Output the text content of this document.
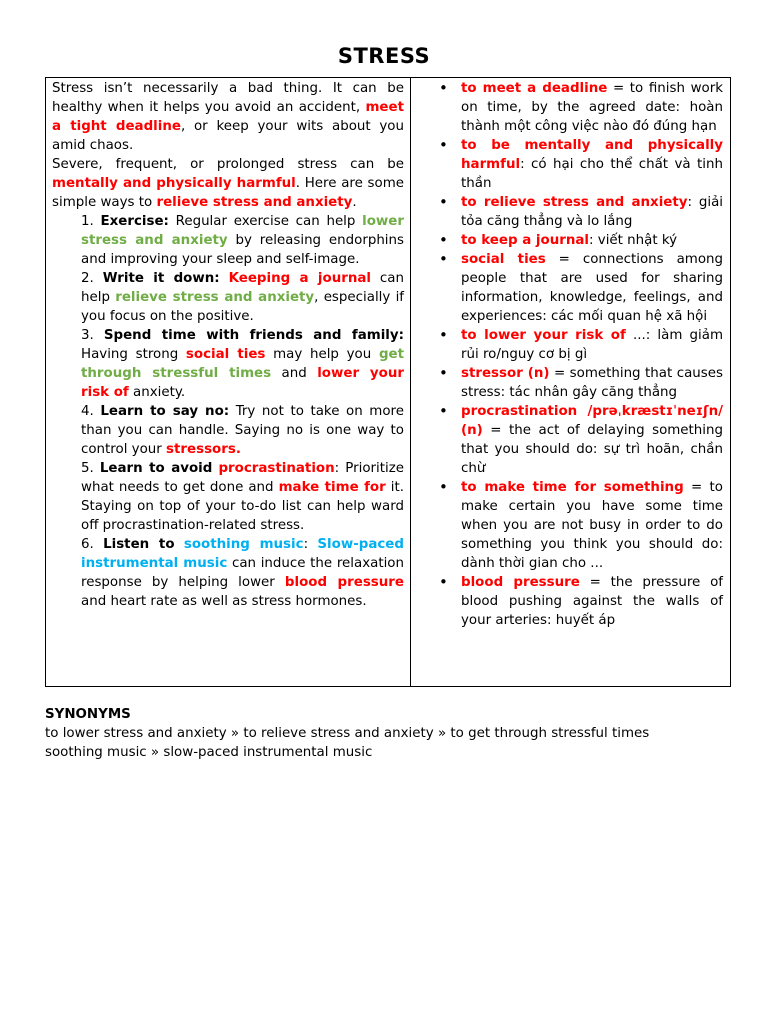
STRESS

Stress isn’t necessarily a bad thing. It can be healthy when it helps you avoid an accident, meet a tight deadline, or keep your wits about you amid chaos.

Severe, frequent, or prolonged stress can be mentally and physically harmful. Here are some simple ways to relieve stress and anxiety.

1. Exercise: Regular exercise can help lower stress and anxiety by releasing endorphins and improving your sleep and self-image.
2. Write it down: Keeping a journal can help relieve stress and anxiety, especially if you focus on the positive.
3. Spend time with friends and family: Having strong social ties may help you get through stressful times and lower your risk of anxiety.
4. Learn to say no: Try not to take on more than you can handle. Saying no is one way to control your stressors.
5. Learn to avoid procrastination: Prioritize what needs to get done and make time for it. Staying on top of your to-do list can help ward off procrastination-related stress.
6. Listen to soothing music: Slow-paced instrumental music can induce the relaxation response by helping lower blood pressure and heart rate as well as stress hormones.
• to meet a deadline = to finish work on time, by the agreed date: hoàn thành một công việc nào đó đúng hạn
• to be mentally and physically harmful: có hại cho thể chất và tinh thần
• to relieve stress and anxiety: giải tỏa căng thẳng và lo lắng
• to keep a journal: viết nhật ký
• social ties = connections among people that are used for sharing information, knowledge, feelings, and experiences: các mối quan hệ xã hội
• to lower your risk of ...: làm giảm rủi ro/nguy cơ bị gì
• stressor (n) = something that causes stress: tác nhân gây căng thẳng
• procrastination /prəˌkræstɪˈneɪʃn/ (n) = the act of delaying something that you should do: sự trì hoãn, chần chừ
• to make time for something = to make certain you have some time when you are not busy in order to do something you think you should do: dành thời gian cho ...
• blood pressure = the pressure of blood pushing against the walls of your arteries: huyết áp
SYNONYMS
to lower stress and anxiety » to relieve stress and anxiety » to get through stressful times
soothing music » slow-paced instrumental music
